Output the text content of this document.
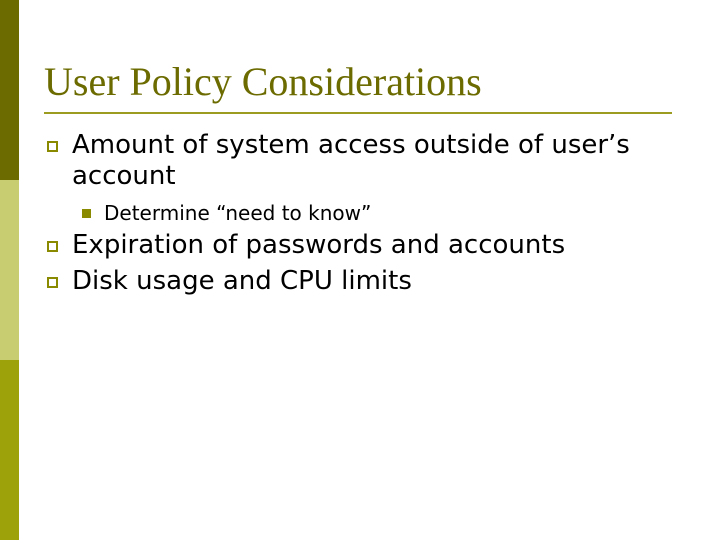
User Policy Considerations
Amount of system access outside of user’s account
Determine “need to know”
Expiration of passwords and accounts
Disk usage and CPU limits
